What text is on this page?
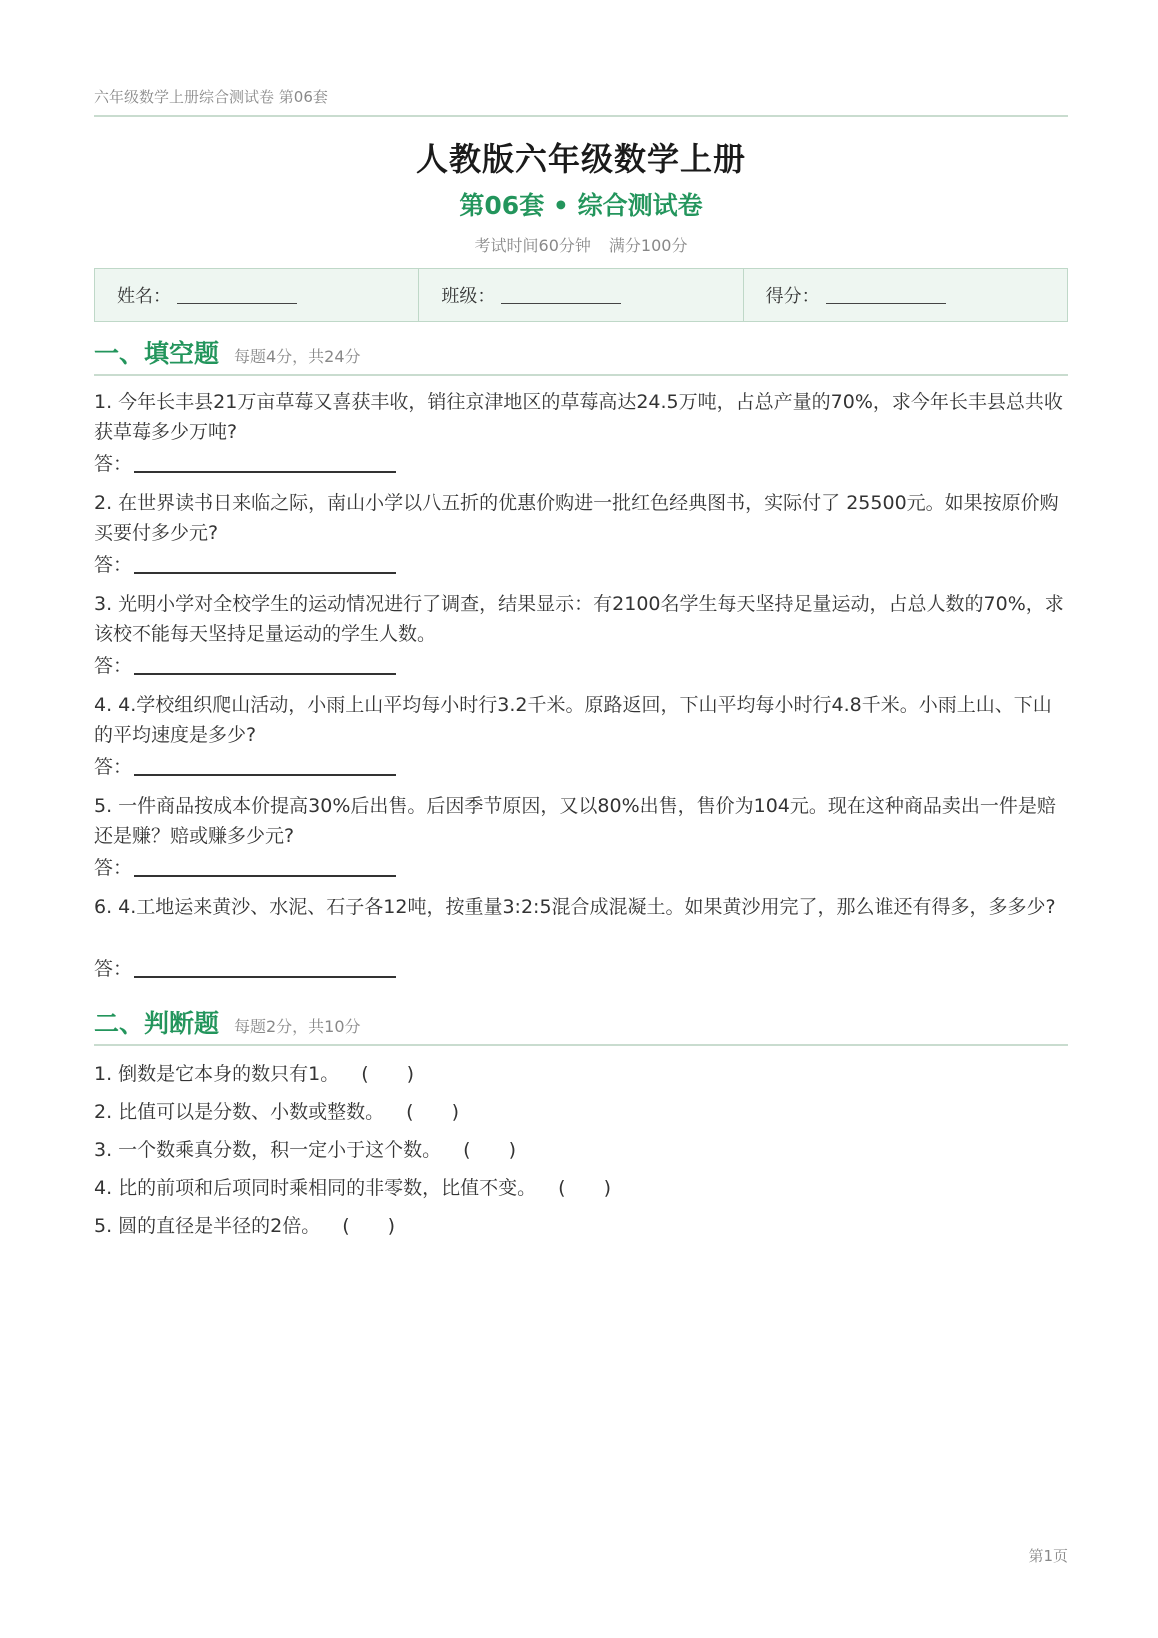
六年级数学上册综合测试卷 第06套
人教版六年级数学上册
第06套 • 综合测试卷
考试时间60分钟 满分100分
姓名：	班级：	得分：
一、填空题 每题4分，共24分
1. 今年长丰县21万亩草莓又喜获丰收，销往京津地区的草莓高达24.5万吨，占总产量的70%，求今年长丰县总共收获草莓多少万吨?
答：
2. 在世界读书日来临之际，南山小学以八五折的优惠价购进一批红色经典图书，实际付了 25500元。如果按原价购买要付多少元?
答：
3. 光明小学对全校学生的运动情况进行了调查，结果显示：有2100名学生每天坚持足量运动，占总人数的70%，求该校不能每天坚持足量运动的学生人数。
答：
4. 4.学校组织爬山活动，小雨上山平均每小时行3.2千米。原路返回，下山平均每小时行4.8千米。小雨上山、下山的平均速度是多少?
答：
5. 一件商品按成本价提高30%后出售。后因季节原因，又以80%出售，售价为104元。现在这种商品卖出一件是赔还是赚？赔或赚多少元?
答：
6. 4.工地运来黄沙、水泥、石子各12吨，按重量3:2:5混合成混凝土。如果黄沙用完了，那么谁还有得多，多多少?
答：
二、判断题 每题2分，共10分
1. 倒数是它本身的数只有1。 (　　)
2. 比值可以是分数、小数或整数。 (　　)
3. 一个数乘真分数，积一定小于这个数。 (　　)
4. 比的前项和后项同时乘相同的非零数，比值不变。 (　　)
5. 圆的直径是半径的2倍。 (　　)
第1页
